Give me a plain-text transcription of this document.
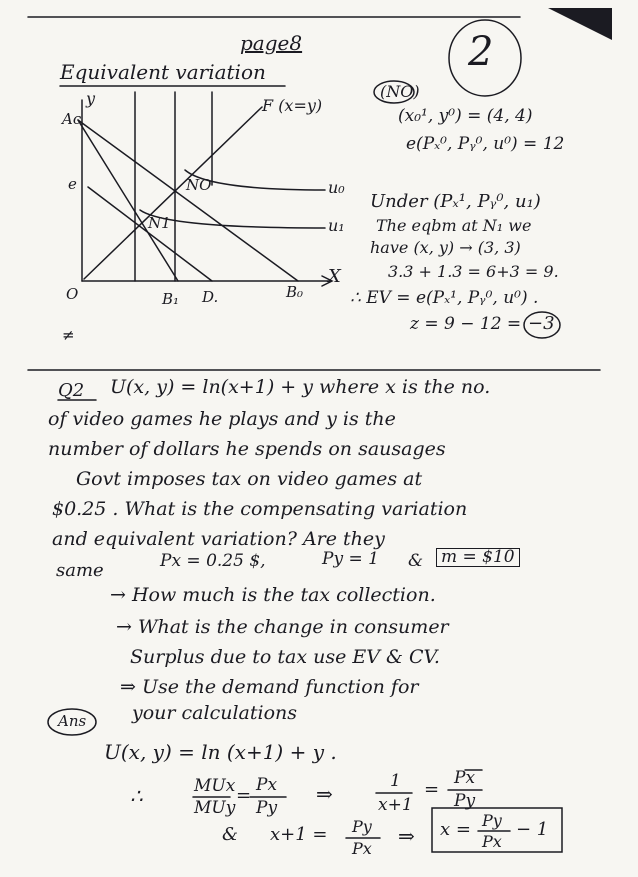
page8	2
Equivalent variation
y
Ac
F (x=y)
e	NO
N1
u₀
u₁
X
O	B₁ D.	B₀
≠
(NO)
(x₀¹, y⁰) = (4, 4)
e(Pₓ⁰, Pᵧ⁰, u⁰) = 12
Under (Pₓ¹, Pᵧ⁰, u₁)
The eqbm at N₁ we
have (x, y) → (3, 3)
3.3 + 1.3 = 6+3 = 9.
∴ EV = e(Pₓ¹, Pᵧ⁰, u⁰) .
z = 9 − 12 = −3
Q2 U(x, y) = ln(x+1) + y where x is the no.
of video games he plays and y is the
number of dollars he spends on sausages
Govt imposes tax on video games at
$0.25 . What is the compensating variation
and equivalent variation? Are they
same	Px = 0.25 $,	Py = 1 & m = $10
→ How much is the tax collection.
→ What is the change in consumer
Surplus due to tax use EV & CV.
⇒ Use the demand function for
your calculations
Ans
U(x, y) = ln (x+1) + y .
∴	MUx
MUy
= Px
Py
⇒
1
x+1
=
Px
Py
& x+1 = Py
Px
⇒ x = Py
Px
− 1
